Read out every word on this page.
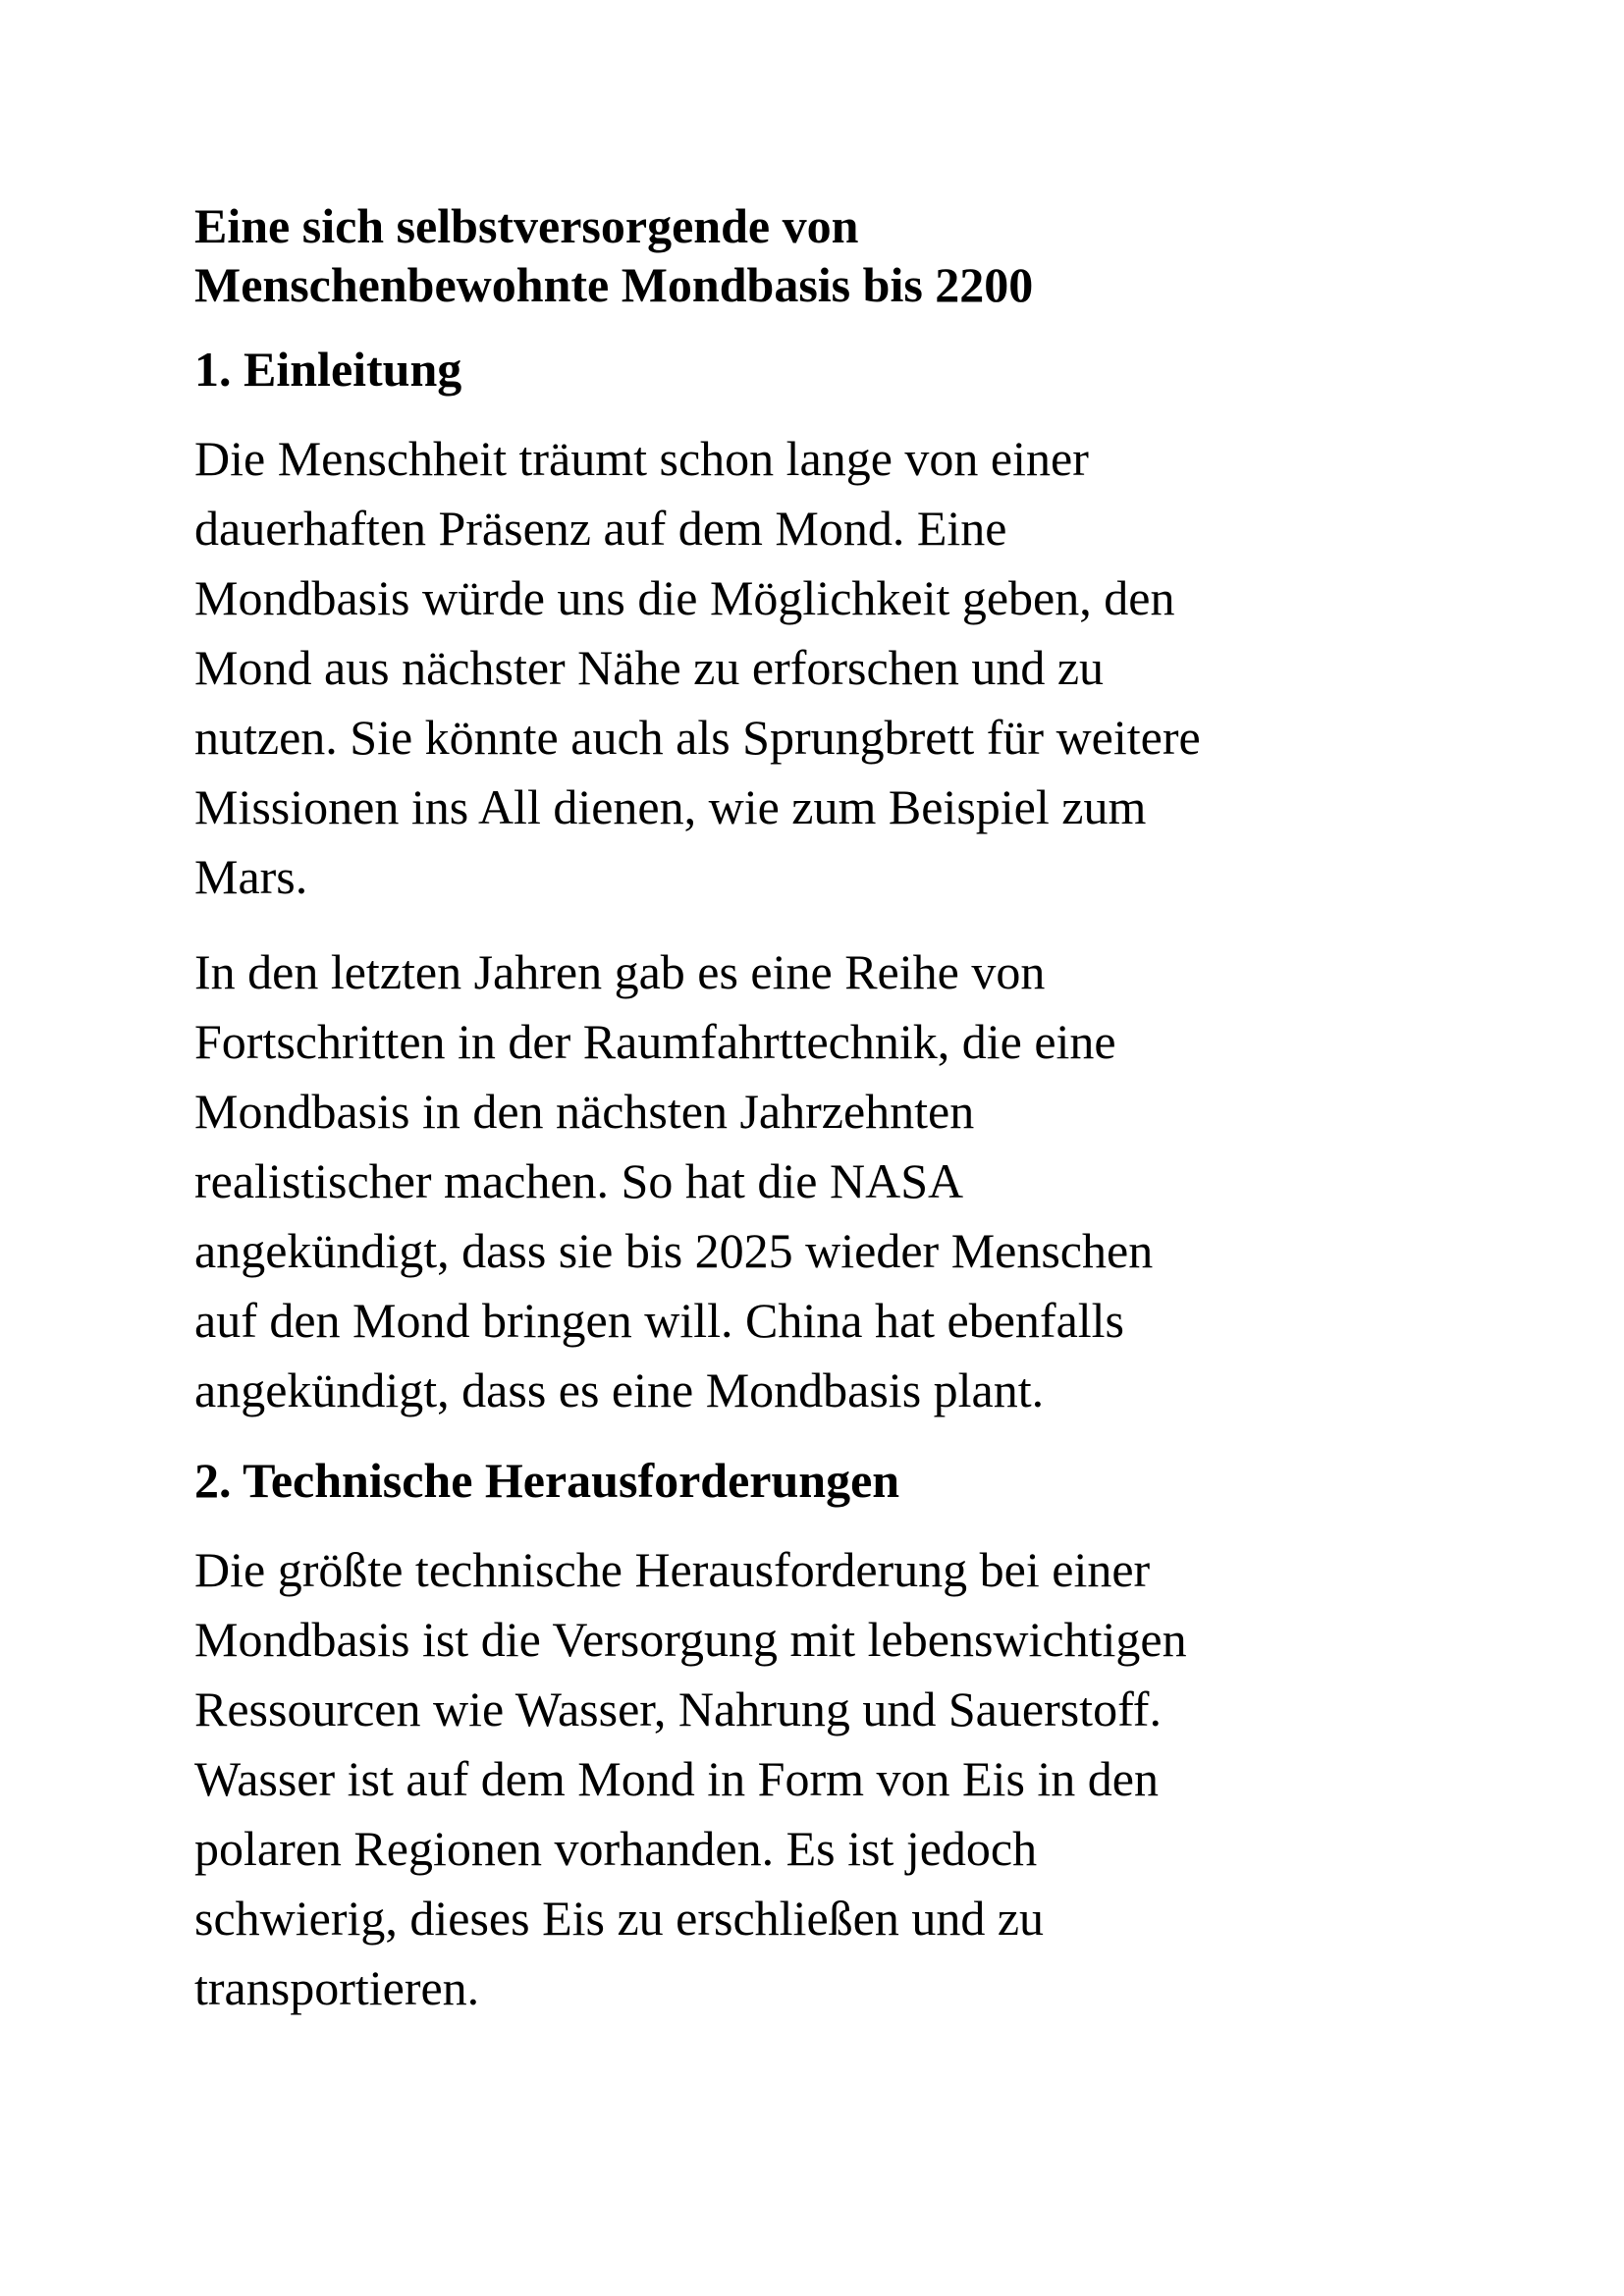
Eine sich selbstversorgende von
Menschenbewohnte Mondbasis bis 2200
1. Einleitung

Die Menschheit träumt schon lange von einer
dauerhaften Präsenz auf dem Mond. Eine
Mondbasis würde uns die Möglichkeit geben, den
Mond aus nächster Nähe zu erforschen und zu
nutzen. Sie könnte auch als Sprungbrett für weitere
Missionen ins All dienen, wie zum Beispiel zum
Mars.

In den letzten Jahren gab es eine Reihe von
Fortschritten in der Raumfahrttechnik, die eine
Mondbasis in den nächsten Jahrzehnten
realistischer machen. So hat die NASA
angekündigt, dass sie bis 2025 wieder Menschen
auf den Mond bringen will. China hat ebenfalls
angekündigt, dass es eine Mondbasis plant.

2. Technische Herausforderungen

Die größte technische Herausforderung bei einer
Mondbasis ist die Versorgung mit lebenswichtigen
Ressourcen wie Wasser, Nahrung und Sauerstoff.
Wasser ist auf dem Mond in Form von Eis in den
polaren Regionen vorhanden. Es ist jedoch
schwierig, dieses Eis zu erschließen und zu
transportieren.
